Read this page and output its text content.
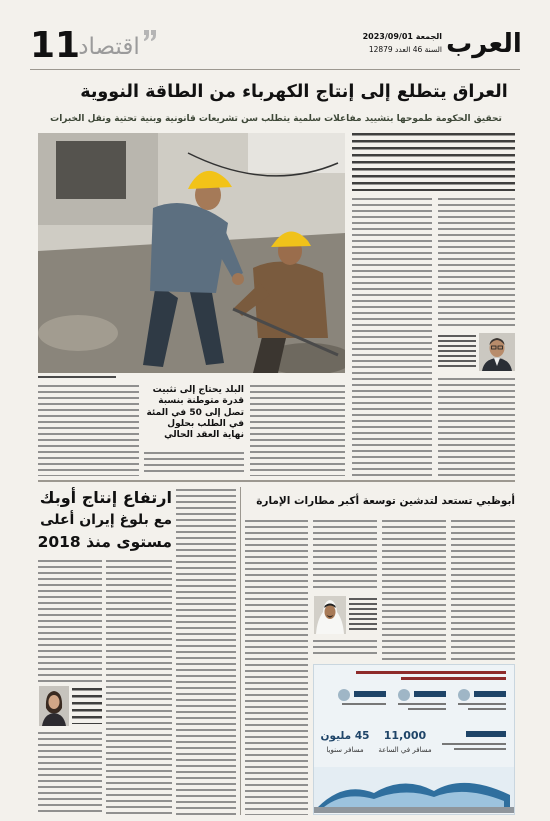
11
اقتصاد	الجمعة 2023/09/01
السنة 46 العدد 12879 العرب
العراق يتطلع إلى إنتاج الكهرباء من الطاقة النووية
تحقيق الحكومة طموحها بتشييد مفاعلات سلمية يتطلب سن تشريعات قانونية وبنية تحتية ونقل الخبرات
البلد يحتاج إلى تثبيت قدرة متوطنة بنسبة تصل إلى 50 في المئة في الطلب بحلول نهاية العقد الحالي
ارتفاع إنتاج أوبك
مع بلوغ إيران أعلى
مستوى منذ 2018
أبوظبي تستعد لتدشين توسعة أكبر مطارات الإمارة
45 مليون
مسافر سنويا
11,000
مسافر في الساعة
